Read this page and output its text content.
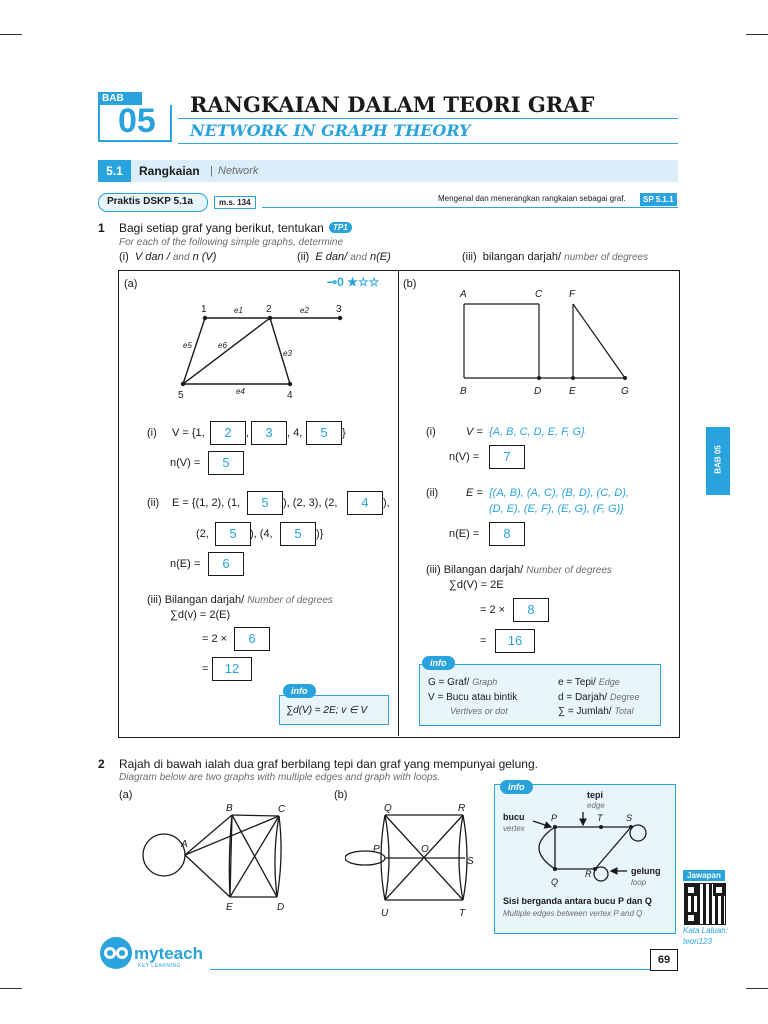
BAB
05 RANGKAIAN DALAM TEORI GRAF
NETWORK IN GRAPH THEORY
5.1	Rangkaian | Network
Praktis DSKP 5.1a	m.s. 134	Mengenal dan menerangkan rangkaian sebagai graf.	SP 5.1.1
1 Bagi setiap graf yang berikut, tentukan	TP1
For each of the following simple graphs, determine
(i) V dan / and n (V)	(ii) E dan/ and n(E)	(iii) bilangan darjah/ number of degrees
(a)	⊸0 ★☆☆
1	2	3
5	4
e1	e2
e3
e4
e5	e6
(i) V = {1,	2	,	3	, 4,	5	}
n(V) =	5
(ii) E = {(1, 2), (1,	5	), (2, 3), (2,	4	),
(2,	5	), (4,	5	)}
n(E) =	6
(iii) Bilangan darjah/ Number of degrees
∑d(v) = 2(E)
= 2 ×	6
=	12
∑d(V) = 2E; v ∈ V
info
(b)
A	C	F
B	D	E	G
(i)	V = {A, B, C, D, E, F, G}
n(V) =	7
(ii)	E = {(A, B), (A, C), (B, D), (C, D),
(D, E), (E, F), (E, G), (F, G)}
n(E) =	8
(iii) Bilangan darjah/ Number of degrees
∑d(V) = 2E
= 2 ×	8
=	16
G = Graf/ Graph
V = Bucu atau bintik
Vertives or dot
e = Tepi/ Edge
d = Darjah/ Degree
∑ = Jumlah/ Total
info
BAB 05
2 Rajah di bawah ialah dua graf berbilang tepi dan graf yang mempunyai gelung.
Diagram below are two graphs with multiple edges and graph with loops.
(a)	(b)
A
B	C
D
E
Q	R
P	O
S
U	T
P	T	S
Q
R
tepi
edge
bucu
vertex
gelung
loop
Sisi berganda antara bucu P dan Q
Multiple edges between vertex P and Q
info
Jawapan
Kata Laluan:
teori123
myteach
KEY LEARNING	69
